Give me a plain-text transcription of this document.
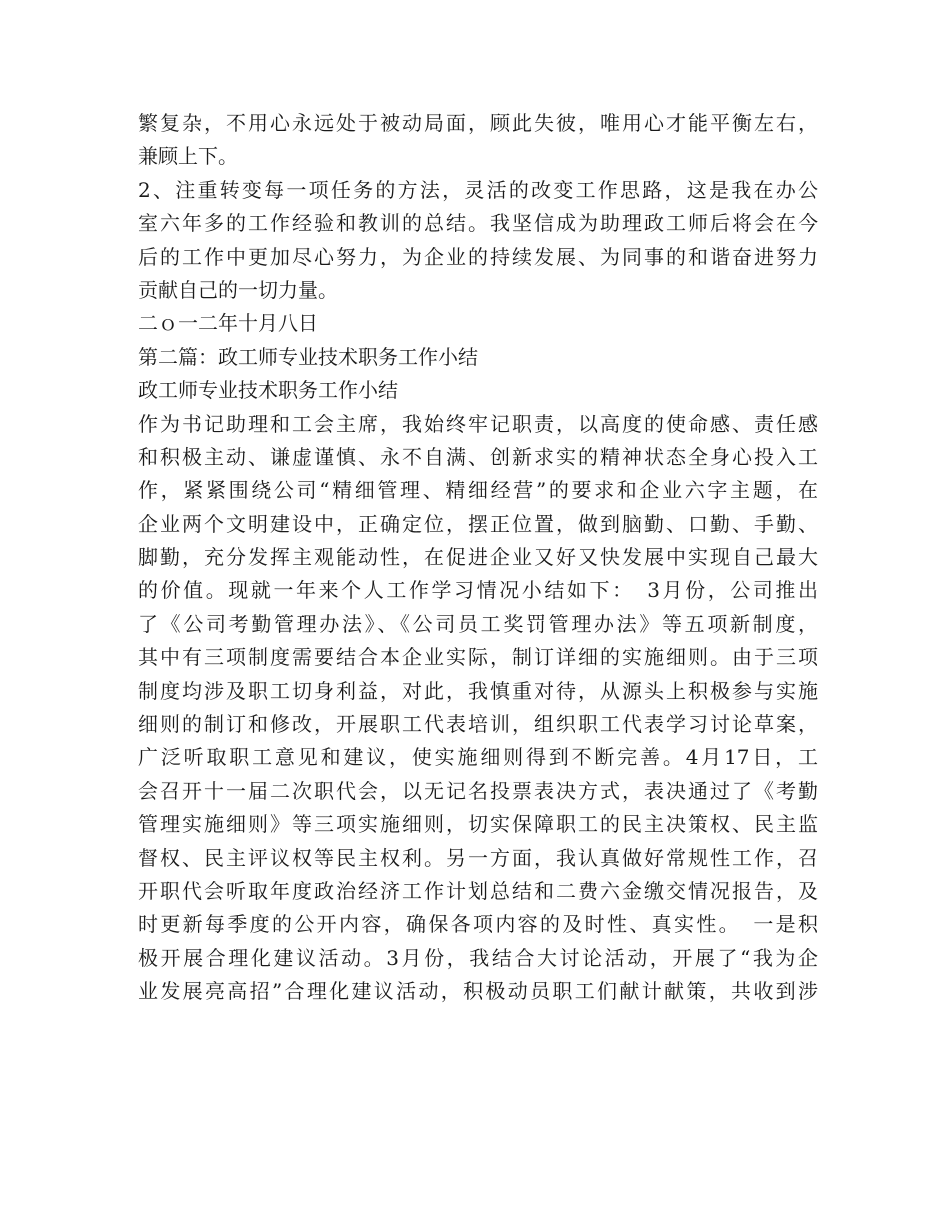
繁复杂，不用心永远处于被动局面，顾此失彼，唯用心才能平衡左右，
兼顾上下。
2、注重转变每一项任务的方法，灵活的改变工作思路，这是我在办公
室六年多的工作经验和教训的总结。我坚信成为助理政工师后将会在今
后的工作中更加尽心努力，为企业的持续发展、为同事的和谐奋进努力
贡献自己的一切力量。
二ｏ一二年十月八日
第二篇：政工师专业技术职务工作小结
政工师专业技术职务工作小结
作为书记助理和工会主席，我始终牢记职责，以高度的使命感、责任感
和积极主动、谦虚谨慎、永不自满、创新求实的精神状态全身心投入工
作，紧紧围绕公司“精细管理、精细经营”的要求和企业六字主题，在
企业两个文明建设中，正确定位，摆正位置，做到脑勤、口勤、手勤、
脚勤，充分发挥主观能动性，在促进企业又好又快发展中实现自己最大
的价值。现就一年来个人工作学习情况小结如下：　3月份，公司推出
了《公司考勤管理办法》、《公司员工奖罚管理办法》等五项新制度，
其中有三项制度需要结合本企业实际，制订详细的实施细则。由于三项
制度均涉及职工切身利益，对此，我慎重对待，从源头上积极参与实施
细则的制订和修改，开展职工代表培训，组织职工代表学习讨论草案，
广泛听取职工意见和建议，使实施细则得到不断完善。4月17日，工
会召开十一届二次职代会，以无记名投票表决方式，表决通过了《考勤
管理实施细则》等三项实施细则，切实保障职工的民主决策权、民主监
督权、民主评议权等民主权利。另一方面，我认真做好常规性工作，召
开职代会听取年度政治经济工作计划总结和二费六金缴交情况报告，及
时更新每季度的公开内容，确保各项内容的及时性、真实性。　一是积
极开展合理化建议活动。3月份，我结合大讨论活动，开展了“我为企
业发展亮高招”合理化建议活动，积极动员职工们献计献策，共收到涉
